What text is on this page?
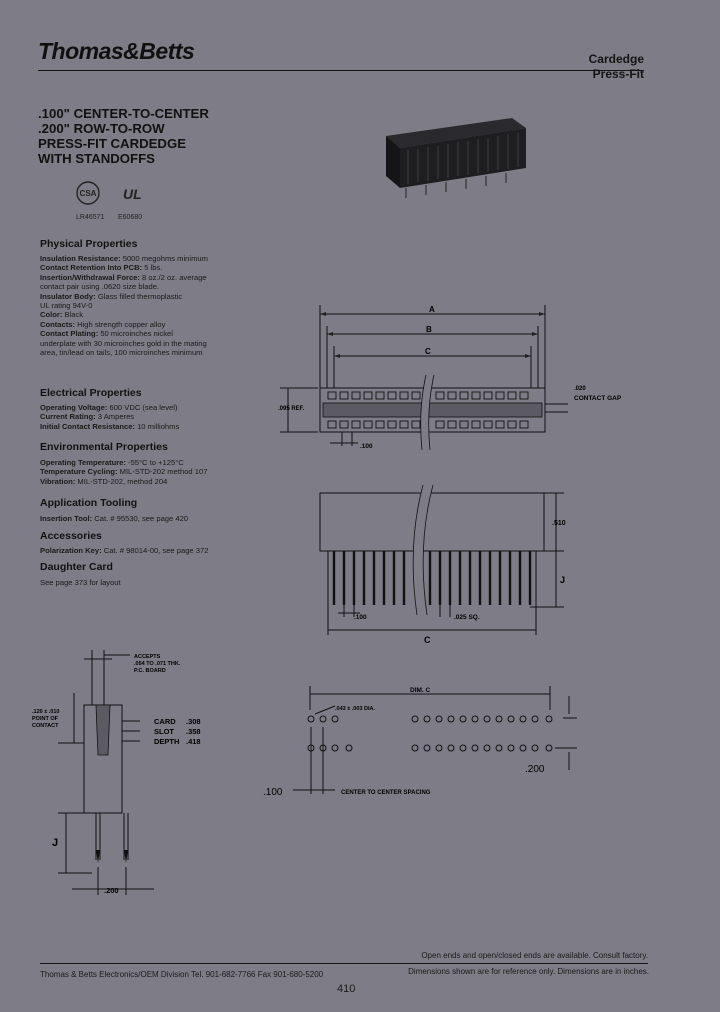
Thomas&Betts	Cardedge
Press-Fit
.100" CENTER-TO-CENTER
.200" ROW-TO-ROW
PRESS-FIT CARDEDGE
WITH STANDOFFS
CSA UL
LR46571 E60680
Physical Properties
Insulation Resistance: 5000 megohms minimum
Contact Retention Into PCB: 5 lbs.
Insertion/Withdrawal Force: 8 oz./2 oz. average
contact pair using .0620 size blade.
Insulator Body: Glass filled thermoplastic
UL rating 94V-0
Color: Black
Contacts: High strength copper alloy
Contact Plating: 50 microinches nickel
underplate with 30 microinches gold in the mating
area, tin/lead on tails, 100 microinches minimum
Electrical Properties
Operating Voltage: 600 VDC (sea level)
Current Rating: 3 Amperes
Initial Contact Resistance: 10 milliohms
Environmental Properties
Operating Temperature: -55°C to +125°C
Temperature Cycling: MIL-STD-202 method 107
Vibration: MIL-STD-202, method 204
Application Tooling
Insertion Tool: Cat. # 95530, see page 420
Accessories
Polarization Key: Cat. # 98014-00, see page 372
Daughter Card
See page 373 for layout
A
B
C
.095 REF.
.020
CONTACT GAP
.100
.510
J
.100	.025 SQ.
C
ACCEPTS
.054 TO .071 THK.
P.C. BOARD
.120 ± .010
POINT OF
CONTACT	CARD .308
SLOT .358
DEPTH .418
J
.200
DIM. C
.043 ± .003 DIA.
.200
.100	CENTER TO CENTER SPACING
Open ends and open/closed ends are available. Consult factory.
Dimensions shown are for reference only. Dimensions are in inches.
Thomas & Betts Electronics/OEM Division Tel. 901-682-7766 Fax 901-680-5200
410
